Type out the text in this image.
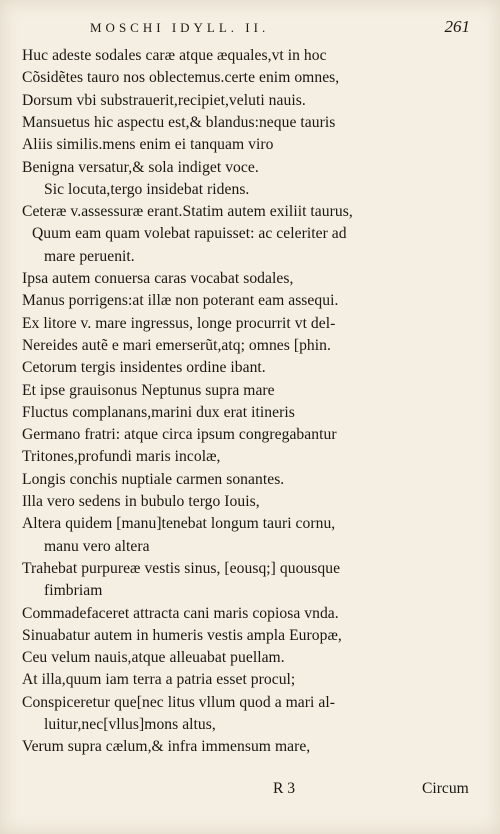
MOSCHI IDYLL. II.	261
Huc adeste sodales caræ atque æquales,vt in hoc
Cõsidẽtes tauro nos oblectemus.certe enim omnes,
Dorsum vbi substrauerit,recipiet,veluti nauis.
Mansuetus hic aspectu est,& blandus:neque tauris
Aliis similis.mens enim ei tanquam viro
Benigna versatur,& sola indiget voce.
Sic locuta,tergo insidebat ridens.
Ceteræ v.assessuræ erant.Statim autem exiliit taurus,
Quum eam quam volebat rapuisset: ac celeriter ad
mare peruenit.
Ipsa autem conuersa caras vocabat sodales,
Manus porrigens:at illæ non poterant eam assequi.
Ex litore v. mare ingressus, longe procurrit vt del-
Nereides autẽ e mari emerserũt,atq; omnes [phin.
Cetorum tergis insidentes ordine ibant.
Et ipse grauisonus Neptunus supra mare
Fluctus complanans,marini dux erat itineris
Germano fratri: atque circa ipsum congregabantur
Tritones,profundi maris incolæ,
Longis conchis nuptiale carmen sonantes.
Illa vero sedens in bubulo tergo Iouis,
Altera quidem [manu]tenebat longum tauri cornu,
manu vero altera
Trahebat purpureæ vestis sinus, [eousq;] quousque
fimbriam
Commadefaceret attracta cani maris copiosa vnda.
Sinuabatur autem in humeris vestis ampla Europæ,
Ceu velum nauis,atque alleuabat puellam.
At illa,quum iam terra a patria esset procul;
Conspiceretur que[nec litus vllum quod a mari al-
luitur,nec[vllus]mons altus,
Verum supra cælum,& infra immensum mare,
R 3	Circum
